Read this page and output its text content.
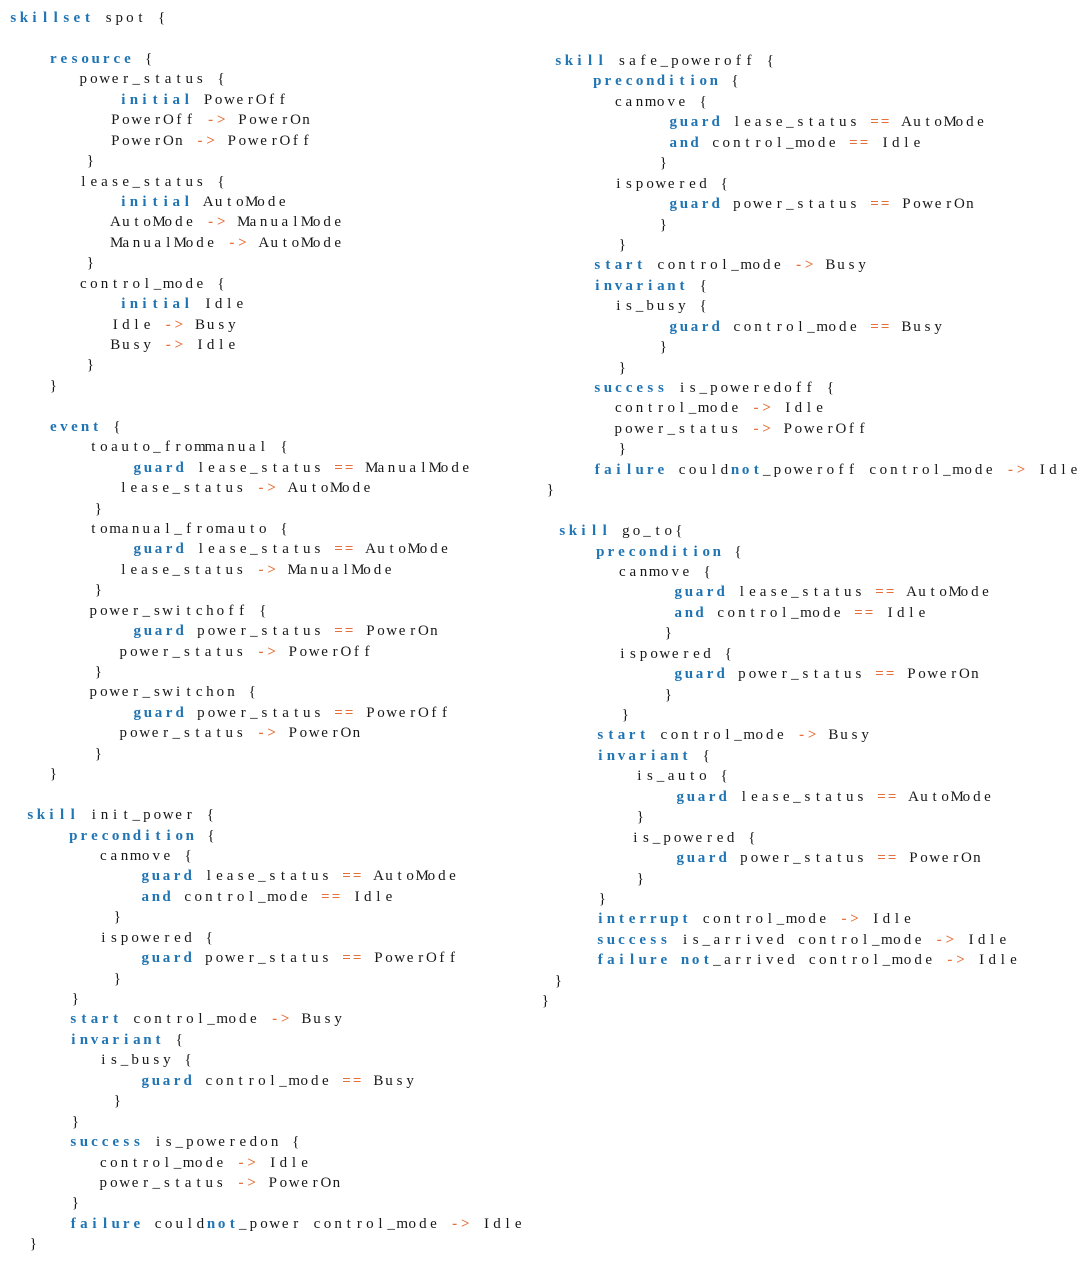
s k i l l s e t s p o t {
r e s o u r c e {
p o w e r _ s t a t u s {
i n i t i a l P o w e r O f f
P o w e r O f f - > P o w e r On
P o w e r On - > P o w e r O f f
}
l e a s e _ s t a t u s {
i n i t i a l Au t o Mo d e
Au t o Mo d e - > Ma n u a l Mo d e
Ma n u a l Mo d e - > Au t o Mo d e
}
c o n t r o l _ mo d e {
i n i t i a l I d l e
I d l e - > B u s y
B u s y - > I d l e
}
}
e v e n t {
t o a u t o _ f r o mma n u a l {
g u a r d l e a s e _ s t a t u s = = Ma n u a l Mo d e
l e a s e _ s t a t u s - > Au t o Mo d e
}
t o ma n u a l _ f r o ma u t o {
g u a r d l e a s e _ s t a t u s = = Au t o Mo d e
l e a s e _ s t a t u s - > Ma n u a l Mo d e
}
p o w e r _ s w i t c h o f f {
g u a r d p o w e r _ s t a t u s = = P o w e r On
p o w e r _ s t a t u s - > P o w e r O f f
}
p o w e r _ s w i t c h o n {
g u a r d p o w e r _ s t a t u s = = P o w e r O f f
p o w e r _ s t a t u s - > P o w e r On
}
}
s k i l l i n i t _ p o w e r {
p r e c o n d i t i o n {
c a n mo v e {
g u a r d l e a s e _ s t a t u s = = Au t o Mo d e
a n d c o n t r o l _ mo d e = = I d l e
}
i s p o w e r e d {
g u a r d p o w e r _ s t a t u s = = P o w e r O f f
}
}
s t a r t c o n t r o l _ mo d e - > B u s y
i n v a r i a n t {
i s _ b u s y {
g u a r d c o n t r o l _ mo d e = = B u s y
}
}
s u c c e s s i s _ p o w e r e d o n {
c o n t r o l _ mo d e - > I d l e
p o w e r _ s t a t u s - > P o w e r On
}
f a i l u r e c o u l d n o t _ p o w e r c o n t r o l _ mo d e - > I d l e
}
s k i l l s a f e _ p o w e r o f f {
p r e c o n d i t i o n {
c a n mo v e {
g u a r d l e a s e _ s t a t u s = = Au t o Mo d e
a n d c o n t r o l _ mo d e = = I d l e
}
i s p o w e r e d {
g u a r d p o w e r _ s t a t u s = = P o w e r On
}
}
s t a r t c o n t r o l _ mo d e - > B u s y
i n v a r i a n t {
i s _ b u s y {
g u a r d c o n t r o l _ mo d e = = B u s y
}
}
s u c c e s s i s _ p o w e r e d o f f {
c o n t r o l _ mo d e - > I d l e
p o w e r _ s t a t u s - > P o w e r O f f
}
f a i l u r e c o u l d n o t _ p o w e r o f f c o n t r o l _ mo d e - > I d l e
}
s k i l l g o _ t o {
p r e c o n d i t i o n {
c a n mo v e {
g u a r d l e a s e _ s t a t u s = = Au t o Mo d e
a n d c o n t r o l _ mo d e = = I d l e
}
i s p o w e r e d {
g u a r d p o w e r _ s t a t u s = = P o w e r On
}
}
s t a r t c o n t r o l _ mo d e - > B u s y
i n v a r i a n t {
i s _ a u t o {
g u a r d l e a s e _ s t a t u s = = Au t o Mo d e
}
i s _ p o w e r e d {
g u a r d p o w e r _ s t a t u s = = P o w e r On
}
}
i n t e r r u p t c o n t r o l _ mo d e - > I d l e
s u c c e s s i s _ a r r i v e d c o n t r o l _ mo d e - > I d l e
f a i l u r e n o t _ a r r i v e d c o n t r o l _ mo d e - > I d l e
}
}
